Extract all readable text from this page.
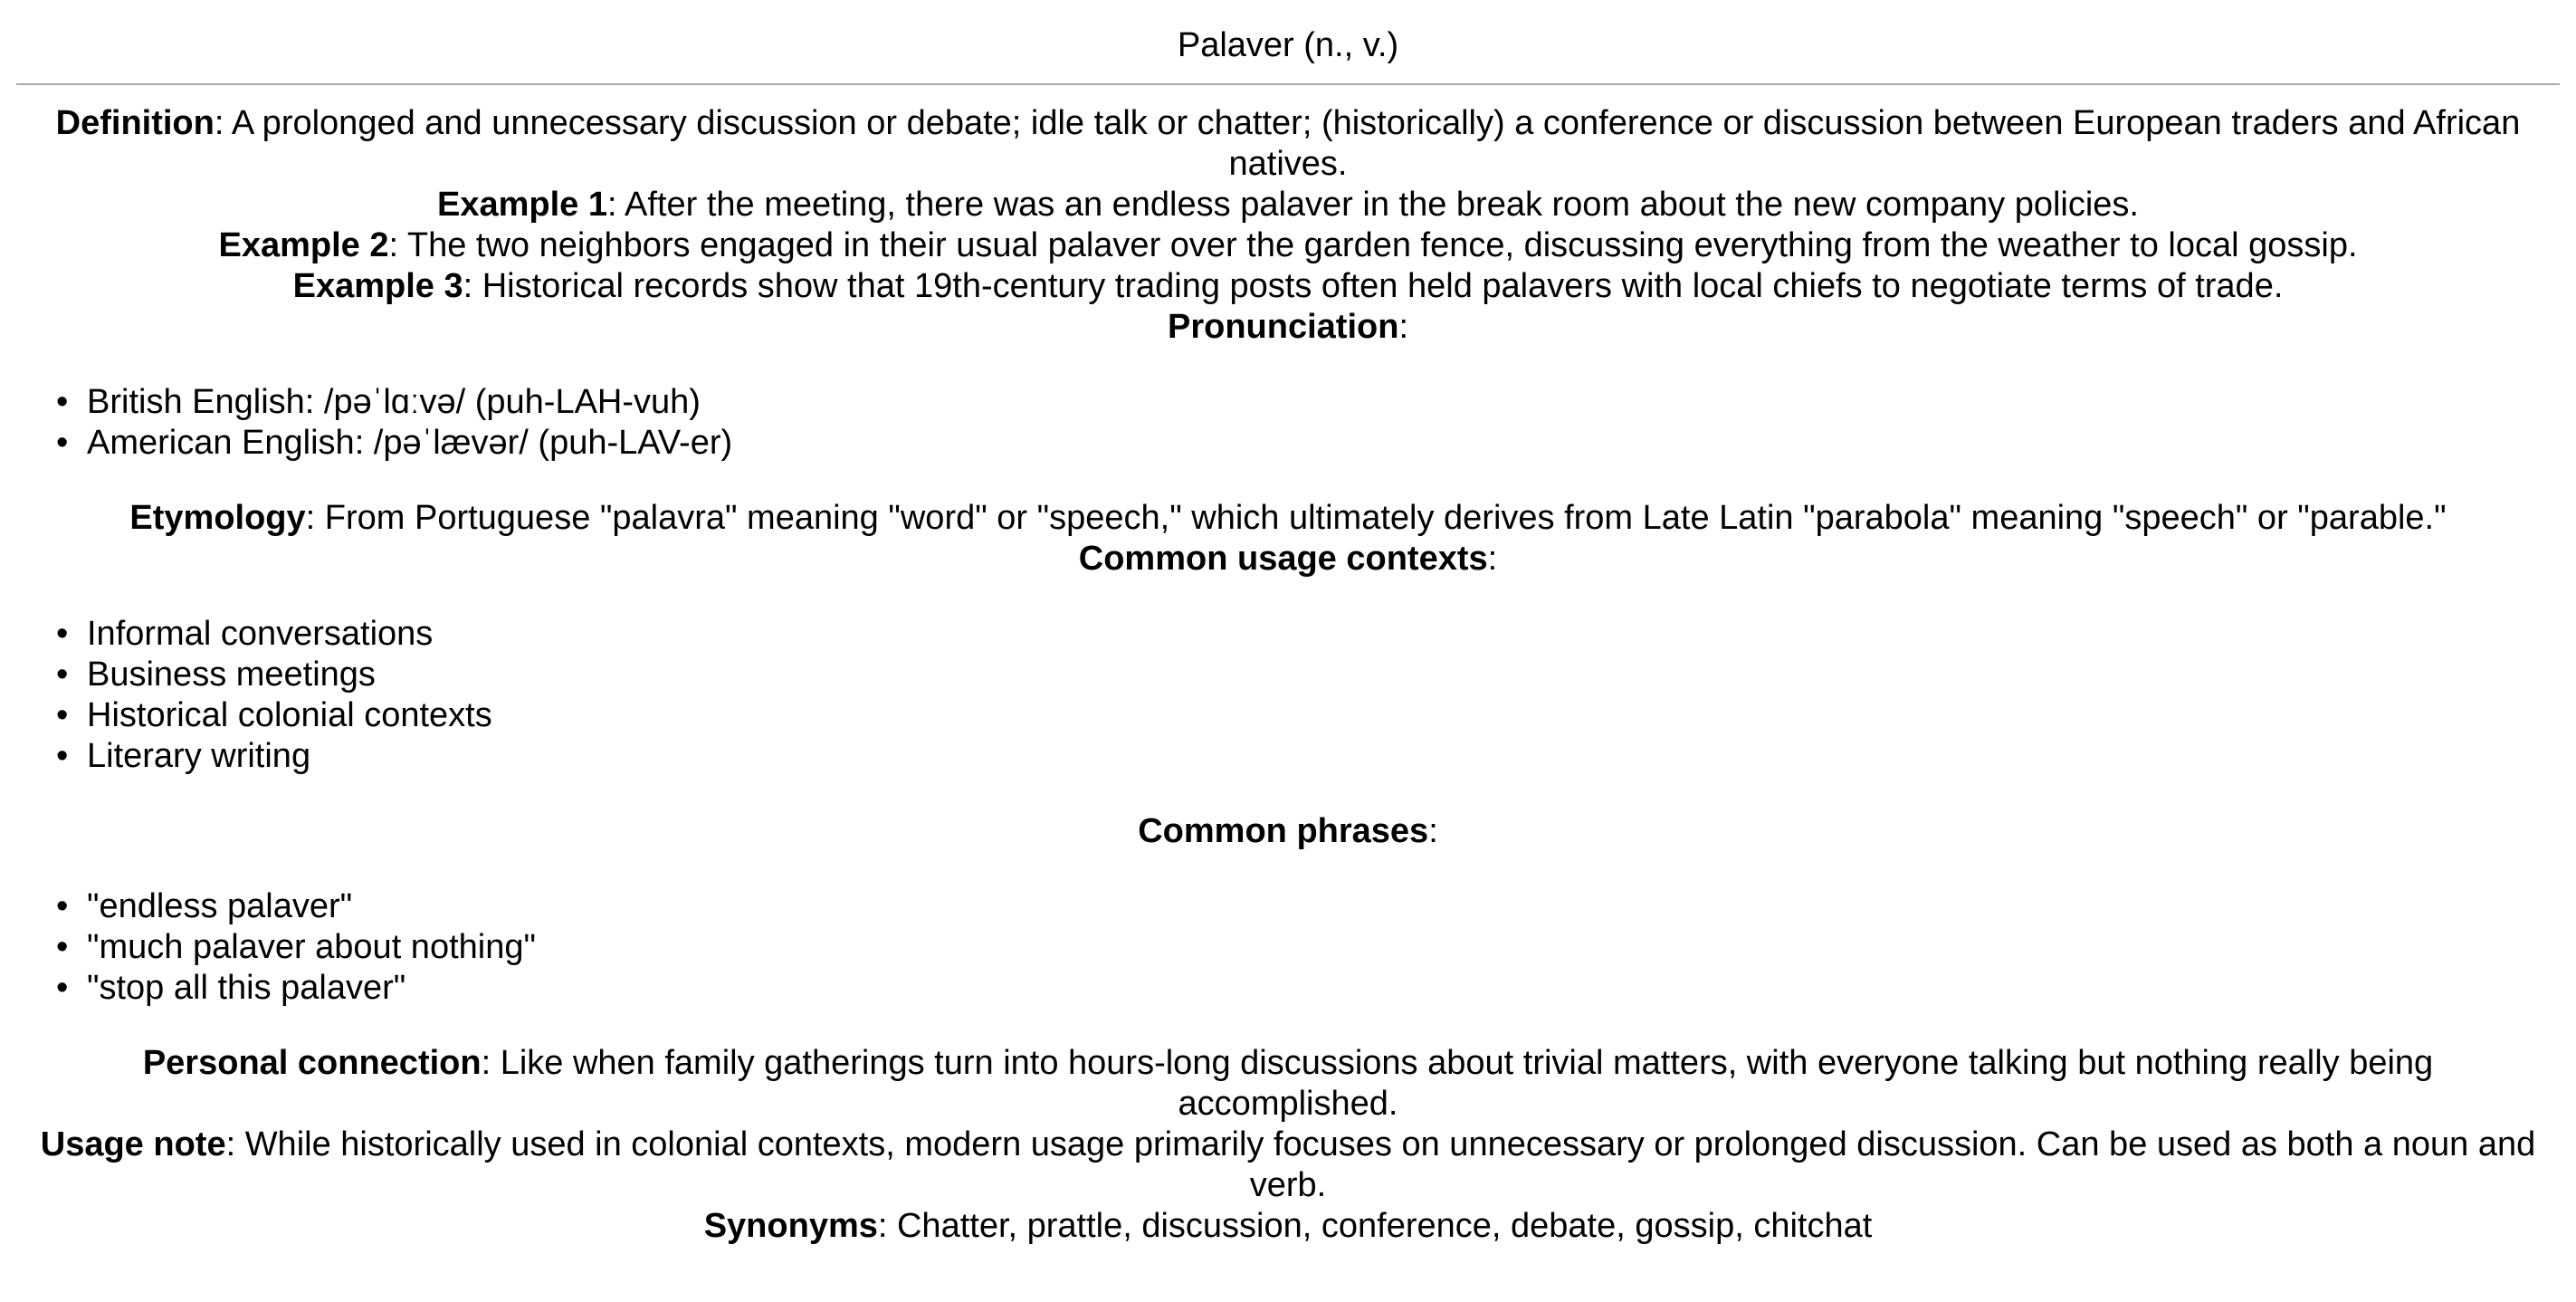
Palaver (n., v.)
Definition: A prolonged and unnecessary discussion or debate; idle talk or chatter; (historically) a conference or discussion between European traders and African natives.
Example 1: After the meeting, there was an endless palaver in the break room about the new company policies.
Example 2: The two neighbors engaged in their usual palaver over the garden fence, discussing everything from the weather to local gossip.
Example 3: Historical records show that 19th-century trading posts often held palavers with local chiefs to negotiate terms of trade.
Pronunciation:
• British English: /pəˈlɑːvə/ (puh-LAH-vuh)
• American English: /pəˈlævər/ (puh-LAV-er)
Etymology: From Portuguese "palavra" meaning "word" or "speech," which ultimately derives from Late Latin "parabola" meaning "speech" or "parable."
Common usage contexts:
• Informal conversations
• Business meetings
• Historical colonial contexts
• Literary writing
Common phrases:
• "endless palaver"
• "much palaver about nothing"
• "stop all this palaver"
Personal connection: Like when family gatherings turn into hours-long discussions about trivial matters, with everyone talking but nothing really being accomplished.
Usage note: While historically used in colonial contexts, modern usage primarily focuses on unnecessary or prolonged discussion. Can be used as both a noun and verb.
Synonyms: Chatter, prattle, discussion, conference, debate, gossip, chitchat
